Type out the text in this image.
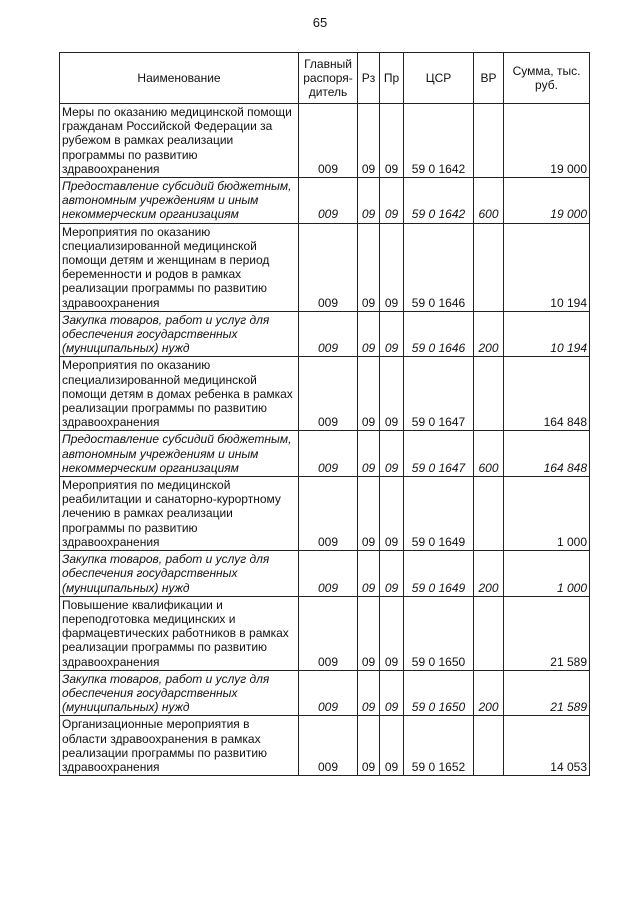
65
Наименование	Главный распоря-дитель	Рз	Пр	ЦСР	ВР	Сумма, тыс. руб.
Меры по оказанию медицинской помощи гражданам Российской Федерации за рубежом в рамках реализации программы по развитию здравоохранения	009	09	09	59 0 1642		19 000
Предоставление субсидий бюджетным, автономным учреждениям и иным некоммерческим организациям	009	09	09	59 0 1642	600	19 000
Мероприятия по оказанию специализированной медицинской помощи детям и женщинам в период беременности и родов в рамках реализации программы по развитию здравоохранения	009	09	09	59 0 1646		10 194
Закупка товаров, работ и услуг для обеспечения государственных (муниципальных) нужд	009	09	09	59 0 1646	200	10 194
Мероприятия по оказанию специализированной медицинской помощи детям в домах ребенка в рамках реализации программы по развитию здравоохранения	009	09	09	59 0 1647		164 848
Предоставление субсидий бюджетным, автономным учреждениям и иным некоммерческим организациям	009	09	09	59 0 1647	600	164 848
Мероприятия по медицинской реабилитации и санаторно-курортному лечению в рамках реализации программы по развитию здравоохранения	009	09	09	59 0 1649		1 000
Закупка товаров, работ и услуг для обеспечения государственных (муниципальных) нужд	009	09	09	59 0 1649	200	1 000
Повышение квалификации и переподготовка медицинских и фармацевтических работников в рамках реализации программы по развитию здравоохранения	009	09	09	59 0 1650		21 589
Закупка товаров, работ и услуг для обеспечения государственных (муниципальных) нужд	009	09	09	59 0 1650	200	21 589
Организационные мероприятия в области здравоохранения в рамках реализации программы по развитию здравоохранения	009	09	09	59 0 1652		14 053
